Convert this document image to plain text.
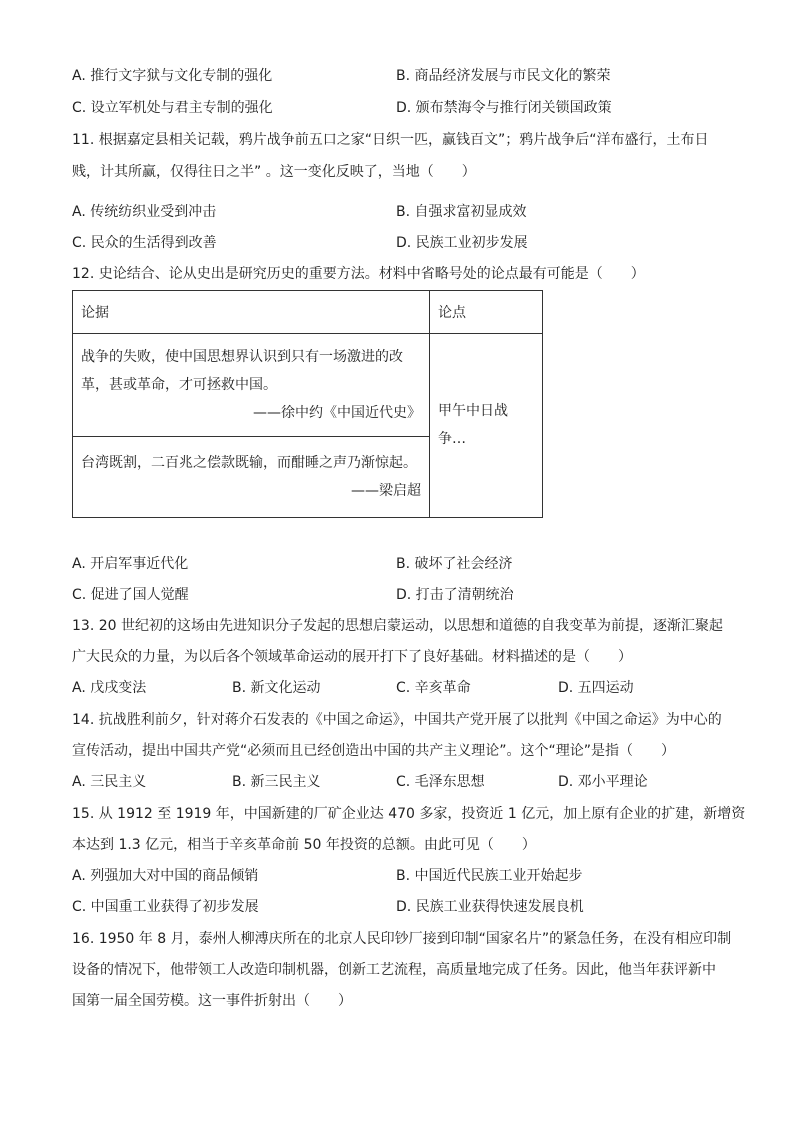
A. 推行文字狱与文化专制的强化	B. 商品经济发展与市民文化的繁荣
C. 设立军机处与君主专制的强化	D. 颁布禁海令与推行闭关锁国政策
11. 根据嘉定县相关记载，鸦片战争前五口之家“日织一匹，赢钱百文”；鸦片战争后“洋布盛行，土布日
贱，计其所赢，仅得往日之半” 。这一变化反映了，当地（　　）
A. 传统纺织业受到冲击	B. 自强求富初显成效
C. 民众的生活得到改善	D. 民族工业初步发展
12. 史论结合、论从史出是研究历史的重要方法。材料中省略号处的论点最有可能是（　　）
论据	论点

战争的失败，使中国思想界认识到只有一场激进的改
革，甚或革命，才可拯救中国。
——徐中约《中国近代史》	甲午中日战
争…

台湾既割，二百兆之偿款既输，而酣睡之声乃渐惊起。
——梁启超	
A. 开启军事近代化	B. 破坏了社会经济
C. 促进了国人觉醒	D. 打击了清朝统治
13. 20 世纪初的这场由先进知识分子发起的思想启蒙运动，以思想和道德的自我变革为前提，逐渐汇聚起
广大民众的力量，为以后各个领域革命运动的展开打下了良好基础。材料描述的是（　　）
A. 戊戌变法	B. 新文化运动	C. 辛亥革命	D. 五四运动
14. 抗战胜利前夕，针对蒋介石发表的《中国之命运》，中国共产党开展了以批判《中国之命运》为中心的
宣传活动，提出中国共产党“必须而且已经创造出中国的共产主义理论”。这个“理论”是指（　　）
A. 三民主义	B. 新三民主义	C. 毛泽东思想	D. 邓小平理论
15. 从 1912 至 1919 年，中国新建的厂矿企业达 470 多家，投资近 1 亿元，加上原有企业的扩建，新增资
本达到 1.3 亿元，相当于辛亥革命前 50 年投资的总额。由此可见（　　）
A. 列强加大对中国的商品倾销	B. 中国近代民族工业开始起步
C. 中国重工业获得了初步发展	D. 民族工业获得快速发展良机
16. 1950 年 8 月，泰州人柳溥庆所在的北京人民印钞厂接到印制“国家名片”的紧急任务，在没有相应印制
设备的情况下，他带领工人改造印制机器，创新工艺流程，高质量地完成了任务。因此，他当年获评新中
国第一届全国劳模。这一事件折射出（　　）
